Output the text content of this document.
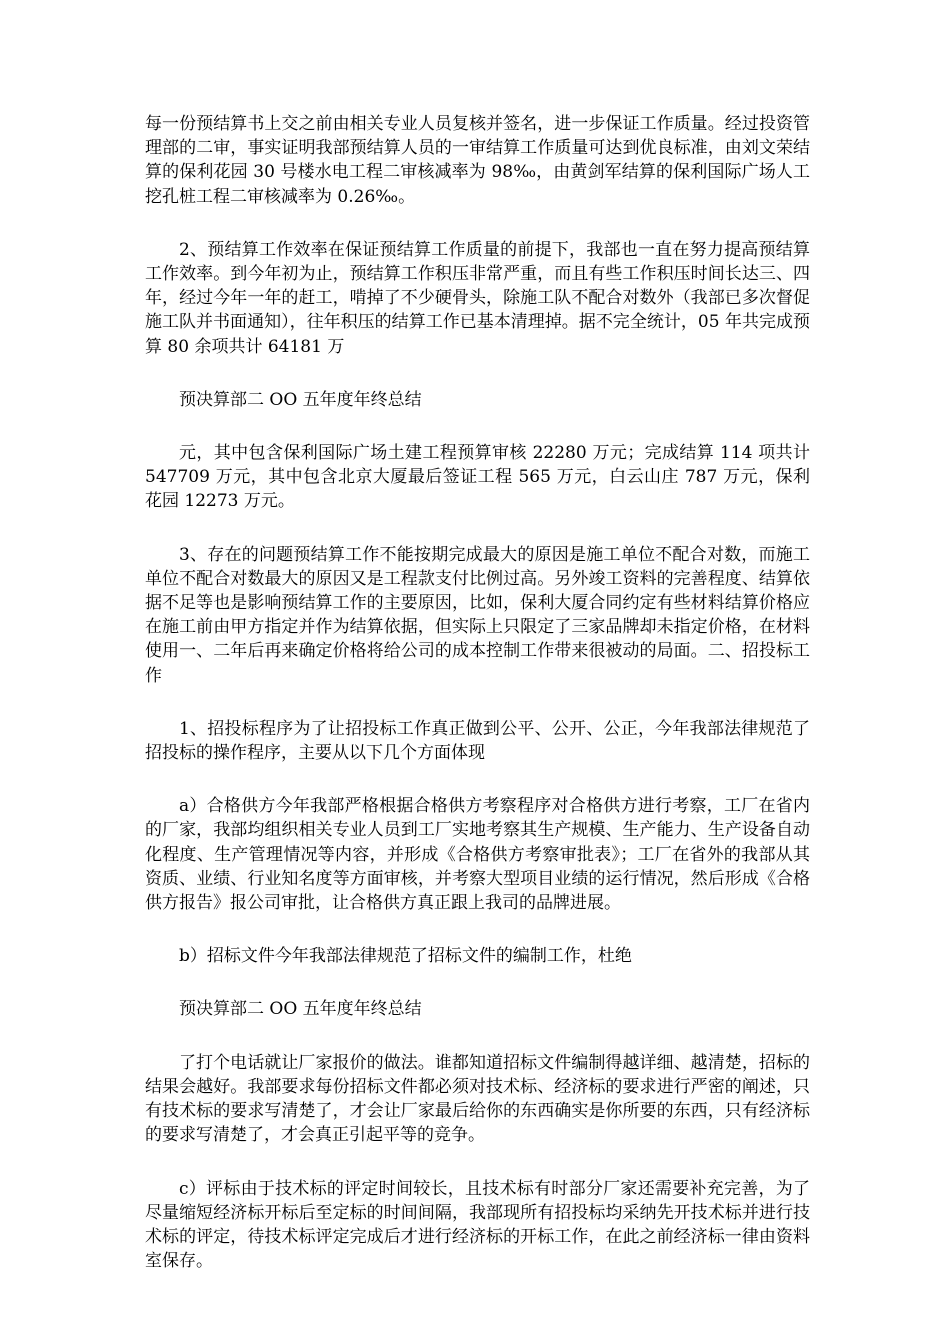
每一份预结算书上交之前由相关专业人员复核并签名，进一步保证工作质量。经过投资管理部的二审，事实证明我部预结算人员的一审结算工作质量可达到优良标准，由刘文荣结算的保利花园 30 号楼水电工程二审核减率为 98‰，由黄剑军结算的保利国际广场人工挖孔桩工程二审核减率为 0.26‰。

2、预结算工作效率在保证预结算工作质量的前提下，我部也一直在努力提高预结算工作效率。到今年初为止，预结算工作积压非常严重，而且有些工作积压时间长达三、四年，经过今年一年的赶工，啃掉了不少硬骨头，除施工队不配合对数外（我部已多次督促施工队并书面通知），往年积压的结算工作已基本清理掉。据不完全统计，05 年共完成预算 80 余项共计 64181 万

预决算部二 OO 五年度年终总结

元，其中包含保利国际广场土建工程预算审核 22280 万元；完成结算 114 项共计 547709 万元，其中包含北京大厦最后签证工程 565 万元，白云山庄 787 万元，保利花园 12273 万元。

3、存在的问题预结算工作不能按期完成最大的原因是施工单位不配合对数，而施工单位不配合对数最大的原因又是工程款支付比例过高。另外竣工资料的完善程度、结算依据不足等也是影响预结算工作的主要原因，比如，保利大厦合同约定有些材料结算价格应在施工前由甲方指定并作为结算依据，但实际上只限定了三家品牌却未指定价格，在材料使用一、二年后再来确定价格将给公司的成本控制工作带来很被动的局面。二、招投标工作

1、招投标程序为了让招投标工作真正做到公平、公开、公正，今年我部法律规范了招投标的操作程序，主要从以下几个方面体现

a）合格供方今年我部严格根据合格供方考察程序对合格供方进行考察，工厂在省内的厂家，我部均组织相关专业人员到工厂实地考察其生产规模、生产能力、生产设备自动化程度、生产管理情况等内容，并形成《合格供方考察审批表》；工厂在省外的我部从其资质、业绩、行业知名度等方面审核，并考察大型项目业绩的运行情况，然后形成《合格供方报告》报公司审批，让合格供方真正跟上我司的品牌进展。

b）招标文件今年我部法律规范了招标文件的编制工作，杜绝

预决算部二 OO 五年度年终总结

了打个电话就让厂家报价的做法。谁都知道招标文件编制得越详细、越清楚，招标的结果会越好。我部要求每份招标文件都必须对技术标、经济标的要求进行严密的阐述，只有技术标的要求写清楚了，才会让厂家最后给你的东西确实是你所要的东西，只有经济标的要求写清楚了，才会真正引起平等的竞争。

c）评标由于技术标的评定时间较长，且技术标有时部分厂家还需要补充完善，为了尽量缩短经济标开标后至定标的时间间隔，我部现所有招投标均采纳先开技术标并进行技术标的评定，待技术标评定完成后才进行经济标的开标工作，在此之前经济标一律由资料室保存。
